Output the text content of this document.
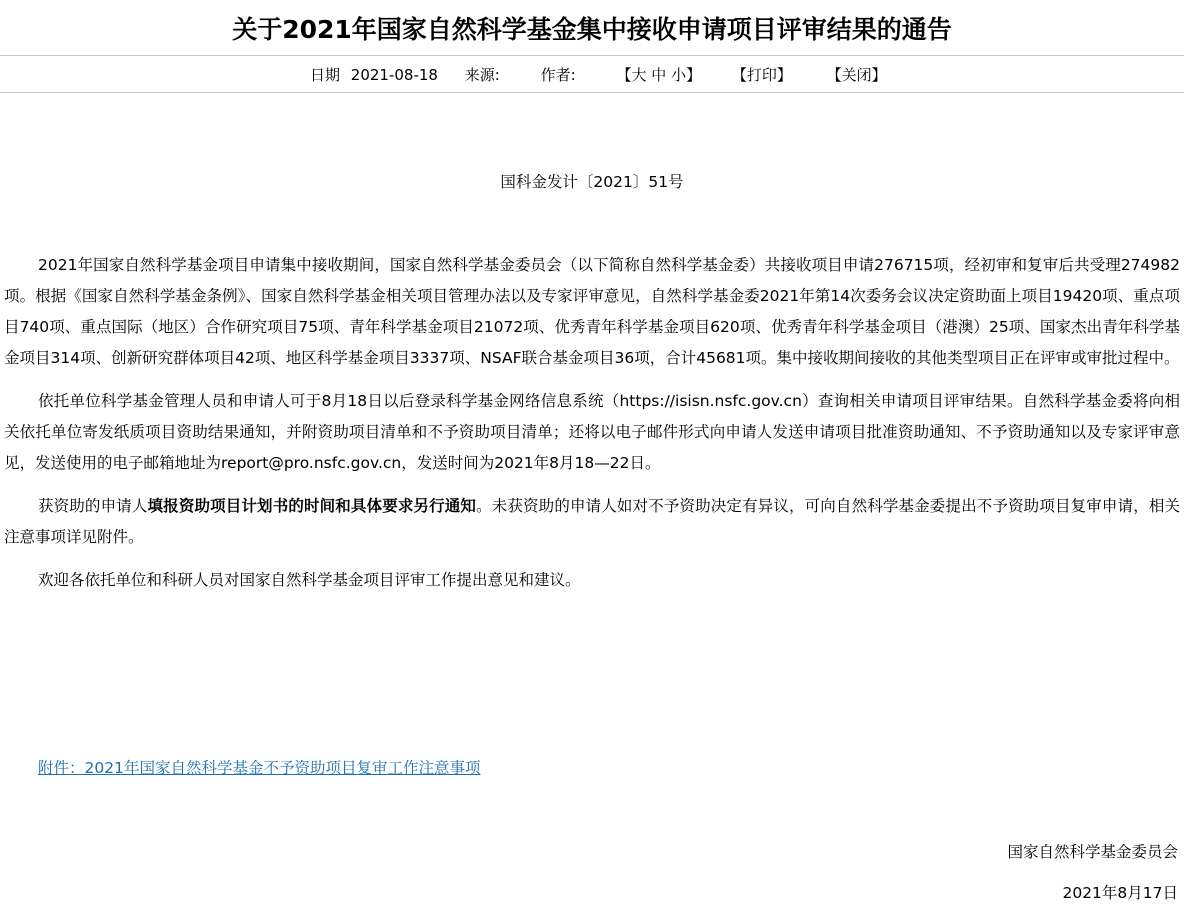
关于2021年国家自然科学基金集中接收申请项目评审结果的通告
日期 2021-08-18 来源:	作者:	【大 中 小】 【打印】 【关闭】
国科金发计〔2021〕51号

2021年国家自然科学基金项目申请集中接收期间，国家自然科学基金委员会（以下简称自然科学基金委）共接收项目申请276715项，经初审和复审后共受理274982项。根据《国家自然科学基金条例》、国家自然科学基金相关项目管理办法以及专家评审意见，自然科学基金委2021年第14次委务会议决定资助面上项目19420项、重点项目740项、重点国际（地区）合作研究项目75项、青年科学基金项目21072项、优秀青年科学基金项目620项、优秀青年科学基金项目（港澳）25项、国家杰出青年科学基金项目314项、创新研究群体项目42项、地区科学基金项目3337项、NSAF联合基金项目36项，合计45681项。集中接收期间接收的其他类型项目正在评审或审批过程中。

依托单位科学基金管理人员和申请人可于8月18日以后登录科学基金网络信息系统（https://isisn.nsfc.gov.cn）查询相关申请项目评审结果。自然科学基金委将向相关依托单位寄发纸质项目资助结果通知，并附资助项目清单和不予资助项目清单；还将以电子邮件形式向申请人发送申请项目批准资助通知、不予资助通知以及专家评审意见，发送使用的电子邮箱地址为report@pro.nsfc.gov.cn，发送时间为2021年8月18—22日。

获资助的申请人填报资助项目计划书的时间和具体要求另行通知。未获资助的申请人如对不予资助决定有异议，可向自然科学基金委提出不予资助项目复审申请，相关注意事项详见附件。

欢迎各依托单位和科研人员对国家自然科学基金项目评审工作提出意见和建议。

附件：2021年国家自然科学基金不予资助项目复审工作注意事项
国家自然科学基金委员会
2021年8月17日
